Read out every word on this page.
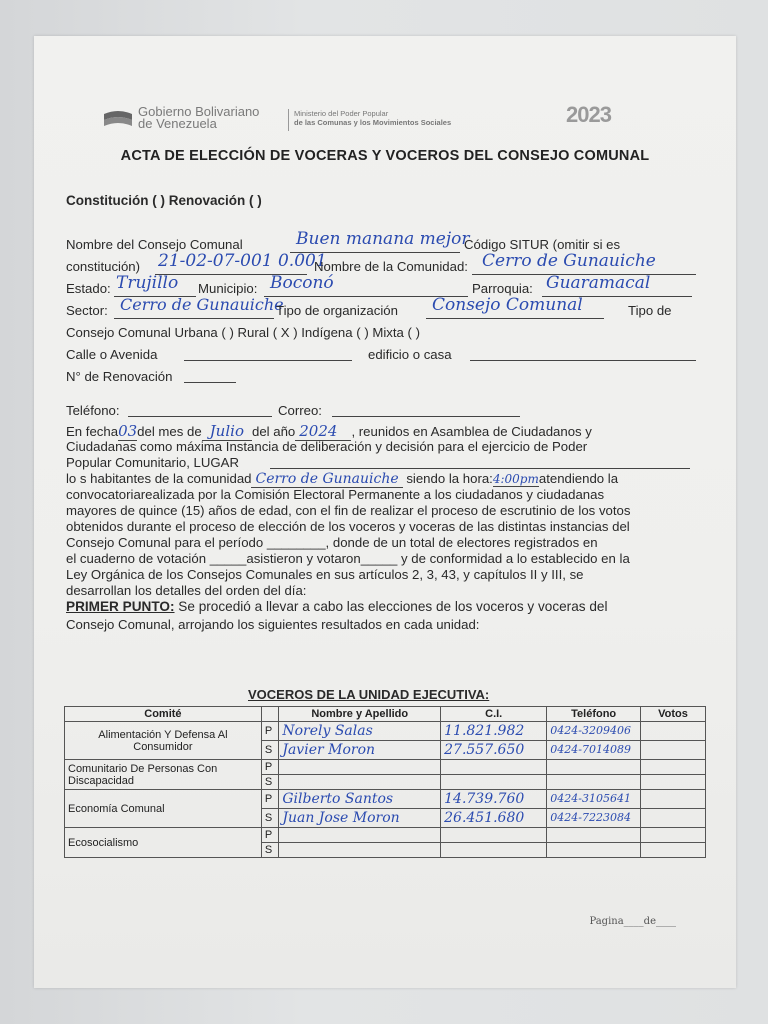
Gobierno Bolivariano
de Venezuela
Ministerio del Poder Popular
de las Comunas y los Movimientos Sociales	2023
ACTA DE ELECCIÓN DE VOCERAS Y VOCEROS DEL CONSEJO COMUNAL
Constitución ( ) Renovación ( )
Nombre del Consejo Comunal	Buen manana mejor
Código SITUR (omitir si es
constitución) 21-02-07-001 0.001
Nombre de la Comunidad: Cerro de Gunauiche
Estado: Trujillo Municipio: Boconó	Parroquia: Guaramacal
Sector: Cerro de Gunauiche
Tipo de organización Consejo Comunal	Tipo de
Consejo Comunal Urbana ( ) Rural ( X ) Indígena ( ) Mixta ( )
Calle o Avenida	edificio o casa
N° de Renovación
Teléfono:	Correo:
En fecha03del mes de Julio del año 2024 , reunidos en Asamblea de Ciudadanos y
Ciudadanas como máxima Instancia de deliberación y decisión para el ejercicio de Poder
Popular Comunitario, LUGAR
lo s habitantes de la comunidad Cerro de Gunauiche siendo la hora:4:00pmatendiendo la
convocatoriarealizada por la Comisión Electoral Permanente a los ciudadanos y ciudadanas
mayores de quince (15) años de edad, con el fin de realizar el proceso de escrutinio de los votos
obtenidos durante el proceso de elección de los voceros y voceras de las distintas instancias del
Consejo Comunal para el período ________, donde de un total de electores registrados en
el cuaderno de votación _____asistieron y votaron_____ y de conformidad a lo establecido en la
Ley Orgánica de los Consejos Comunales en sus artículos 2, 3, 43, y capítulos II y III, se
desarrollan los detalles del orden del día:
PRIMER PUNTO: Se procedió a llevar a cabo las elecciones de los voceros y voceras del
Consejo Comunal, arrojando los siguientes resultados en cada unidad:
VOCEROS DE LA UNIDAD EJECUTIVA:
Comité		Nombre y Apellido	C.I.	Teléfono	Votos
Alimentación Y Defensa Al Consumidor	P	Norely Salas	11.821.982	0424-3209406	
	S	Javier Moron	27.557.650	0424-7014089	
Comunitario De Personas Con Discapacidad	P				
	S				
Economía Comunal	P	Gilberto Santos	14.739.760	0424-3105641	
	S	Juan Jose Moron	26.451.680	0424-7223084	
Ecosocialismo	P				
	S				
Pagina____de____
